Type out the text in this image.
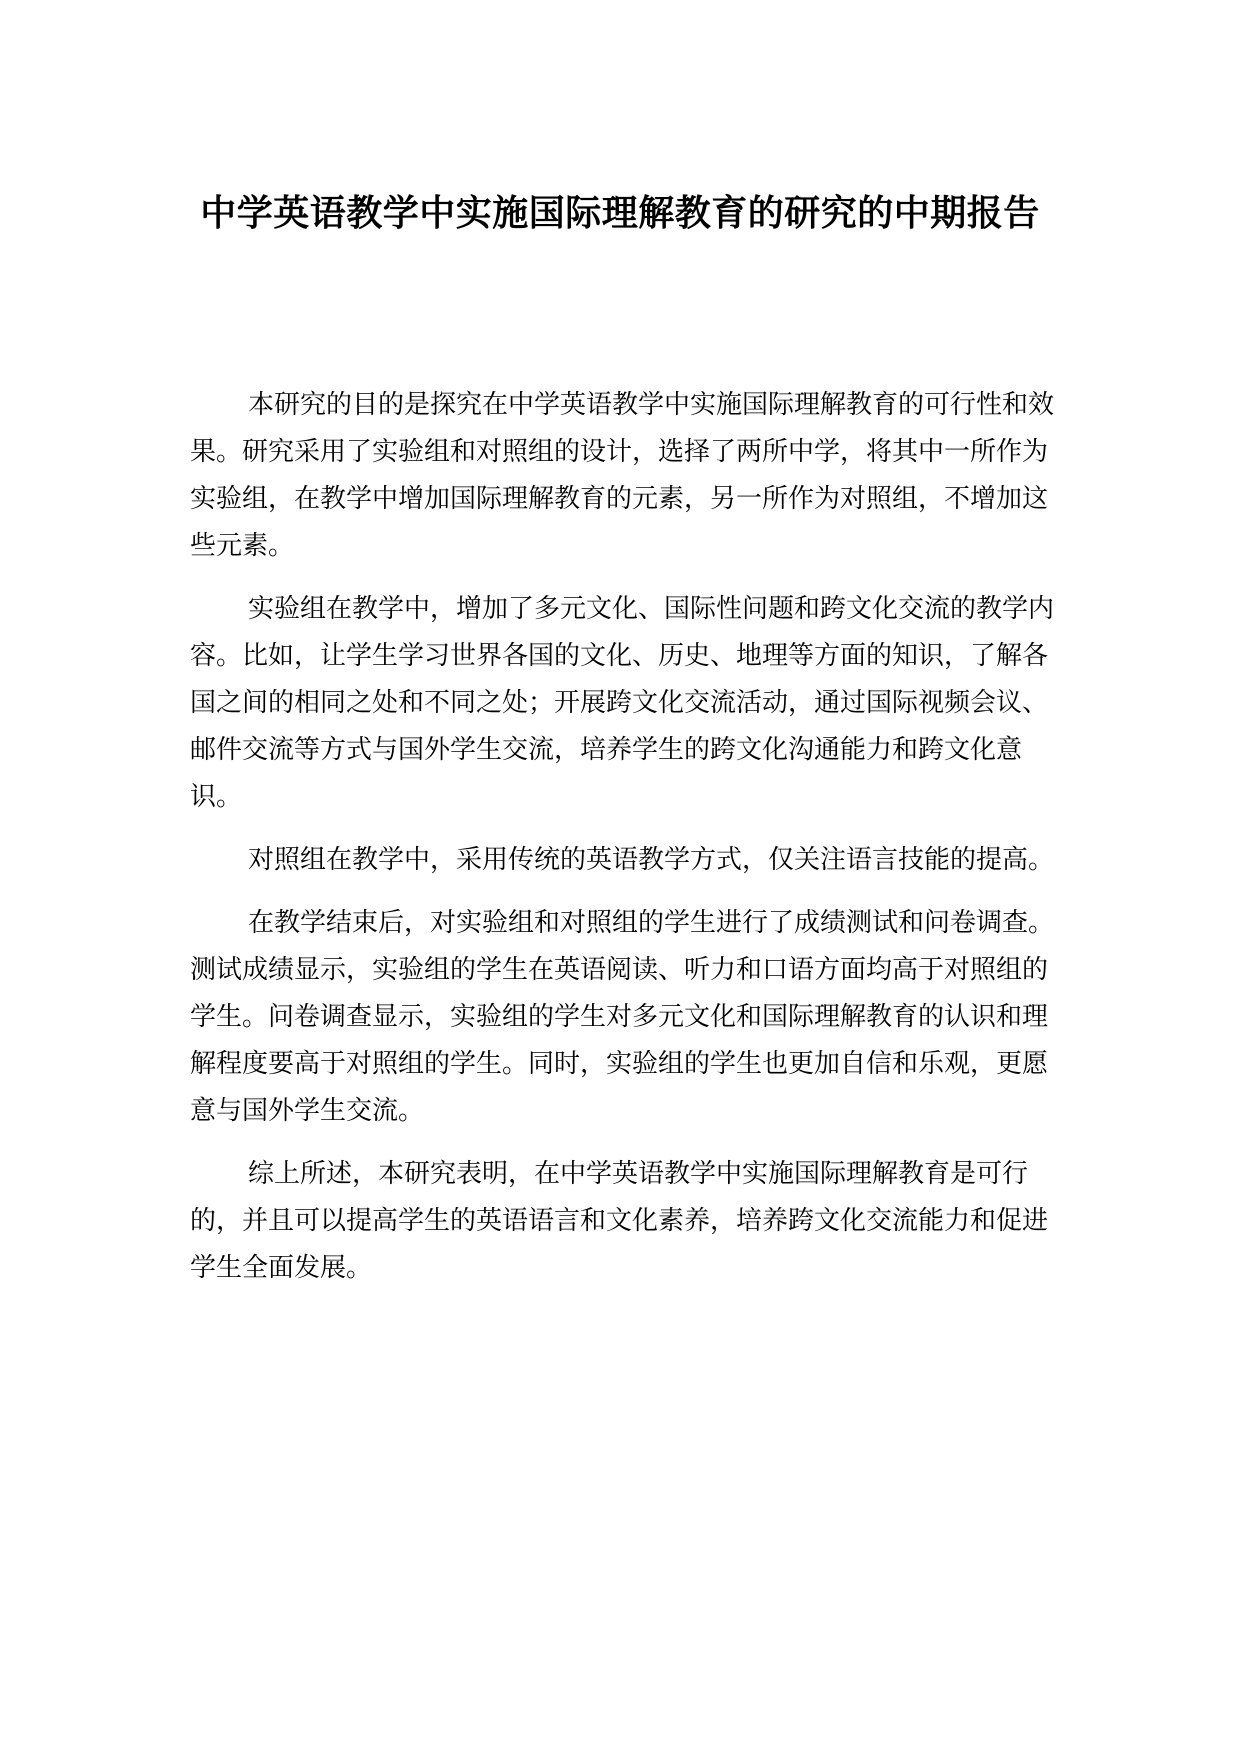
中学英语教学中实施国际理解教育的研究的中期报告

本研究的目的是探究在中学英语教学中实施国际理解教育的可行性和效果。研究采用了实验组和对照组的设计，选择了两所中学，将其中一所作为实验组，在教学中增加国际理解教育的元素，另一所作为对照组，不增加这些元素。

实验组在教学中，增加了多元文化、国际性问题和跨文化交流的教学内容。比如，让学生学习世界各国的文化、历史、地理等方面的知识，了解各国之间的相同之处和不同之处；开展跨文化交流活动，通过国际视频会议、邮件交流等方式与国外学生交流，培养学生的跨文化沟通能力和跨文化意识。

对照组在教学中，采用传统的英语教学方式，仅关注语言技能的提高。

在教学结束后，对实验组和对照组的学生进行了成绩测试和问卷调查。测试成绩显示，实验组的学生在英语阅读、听力和口语方面均高于对照组的学生。问卷调查显示，实验组的学生对多元文化和国际理解教育的认识和理解程度要高于对照组的学生。同时，实验组的学生也更加自信和乐观，更愿意与国外学生交流。

综上所述，本研究表明，在中学英语教学中实施国际理解教育是可行的，并且可以提高学生的英语语言和文化素养，培养跨文化交流能力和促进学生全面发展。
